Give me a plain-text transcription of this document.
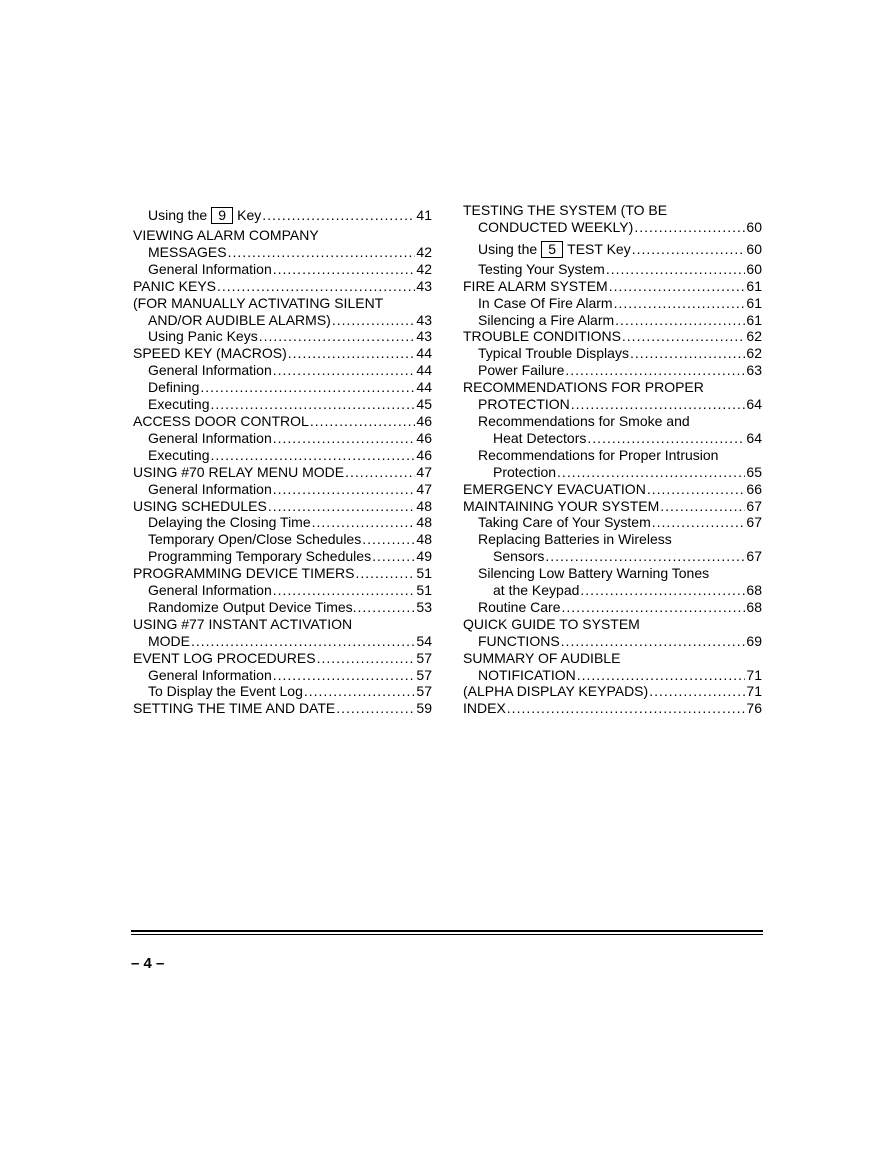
Using the 9 Key .....	41
VIEWING ALARM COMPANY
MESSAGES .....	42
General Information .....	42
PANIC KEYS .....	43
(FOR MANUALLY ACTIVATING SILENT
AND/OR AUDIBLE ALARMS) .....	43
Using Panic Keys .....	43
SPEED KEY (MACROS) .....	44
General Information .....	44
Defining .....	44
Executing .....	45
ACCESS DOOR CONTROL .....	46
General Information .....	46
Executing .....	46
USING #70 RELAY MENU MODE .....	47
General Information .....	47
USING SCHEDULES .....	48
Delaying the Closing Time .....	48
Temporary Open/Close Schedules .....	48
Programming Temporary Schedules .....	49
PROGRAMMING DEVICE TIMERS .....	51
General Information .....	51
Randomize Output Device Times. .....	53
USING #77 INSTANT ACTIVATION
MODE .....	54
EVENT LOG PROCEDURES .....	57
General Information .....	57
To Display the Event Log .....	57
SETTING THE TIME AND DATE .....	59
TESTING THE SYSTEM (TO BE
CONDUCTED WEEKLY) .....	60
Using the 5 TEST Key .....	60
Testing Your System .....	60
FIRE ALARM SYSTEM .....	61
In Case Of Fire Alarm .....	61
Silencing a Fire Alarm .....	61
TROUBLE CONDITIONS .....	62
Typical Trouble Displays .....	62
Power Failure .....	63
RECOMMENDATIONS FOR PROPER
PROTECTION .....	64
Recommendations for Smoke and
Heat Detectors .....	64
Recommendations for Proper Intrusion
Protection .....	65
EMERGENCY EVACUATION .....	66
MAINTAINING YOUR SYSTEM .....	67
Taking Care of Your System .....	67
Replacing Batteries in Wireless
Sensors .....	67
Silencing Low Battery Warning Tones
at the Keypad .....	68
Routine Care .....	68
QUICK GUIDE TO SYSTEM
FUNCTIONS .....	69
SUMMARY OF AUDIBLE
NOTIFICATION .....	71
(ALPHA DISPLAY KEYPADS) .....	71
INDEX .....	76
– 4 –
